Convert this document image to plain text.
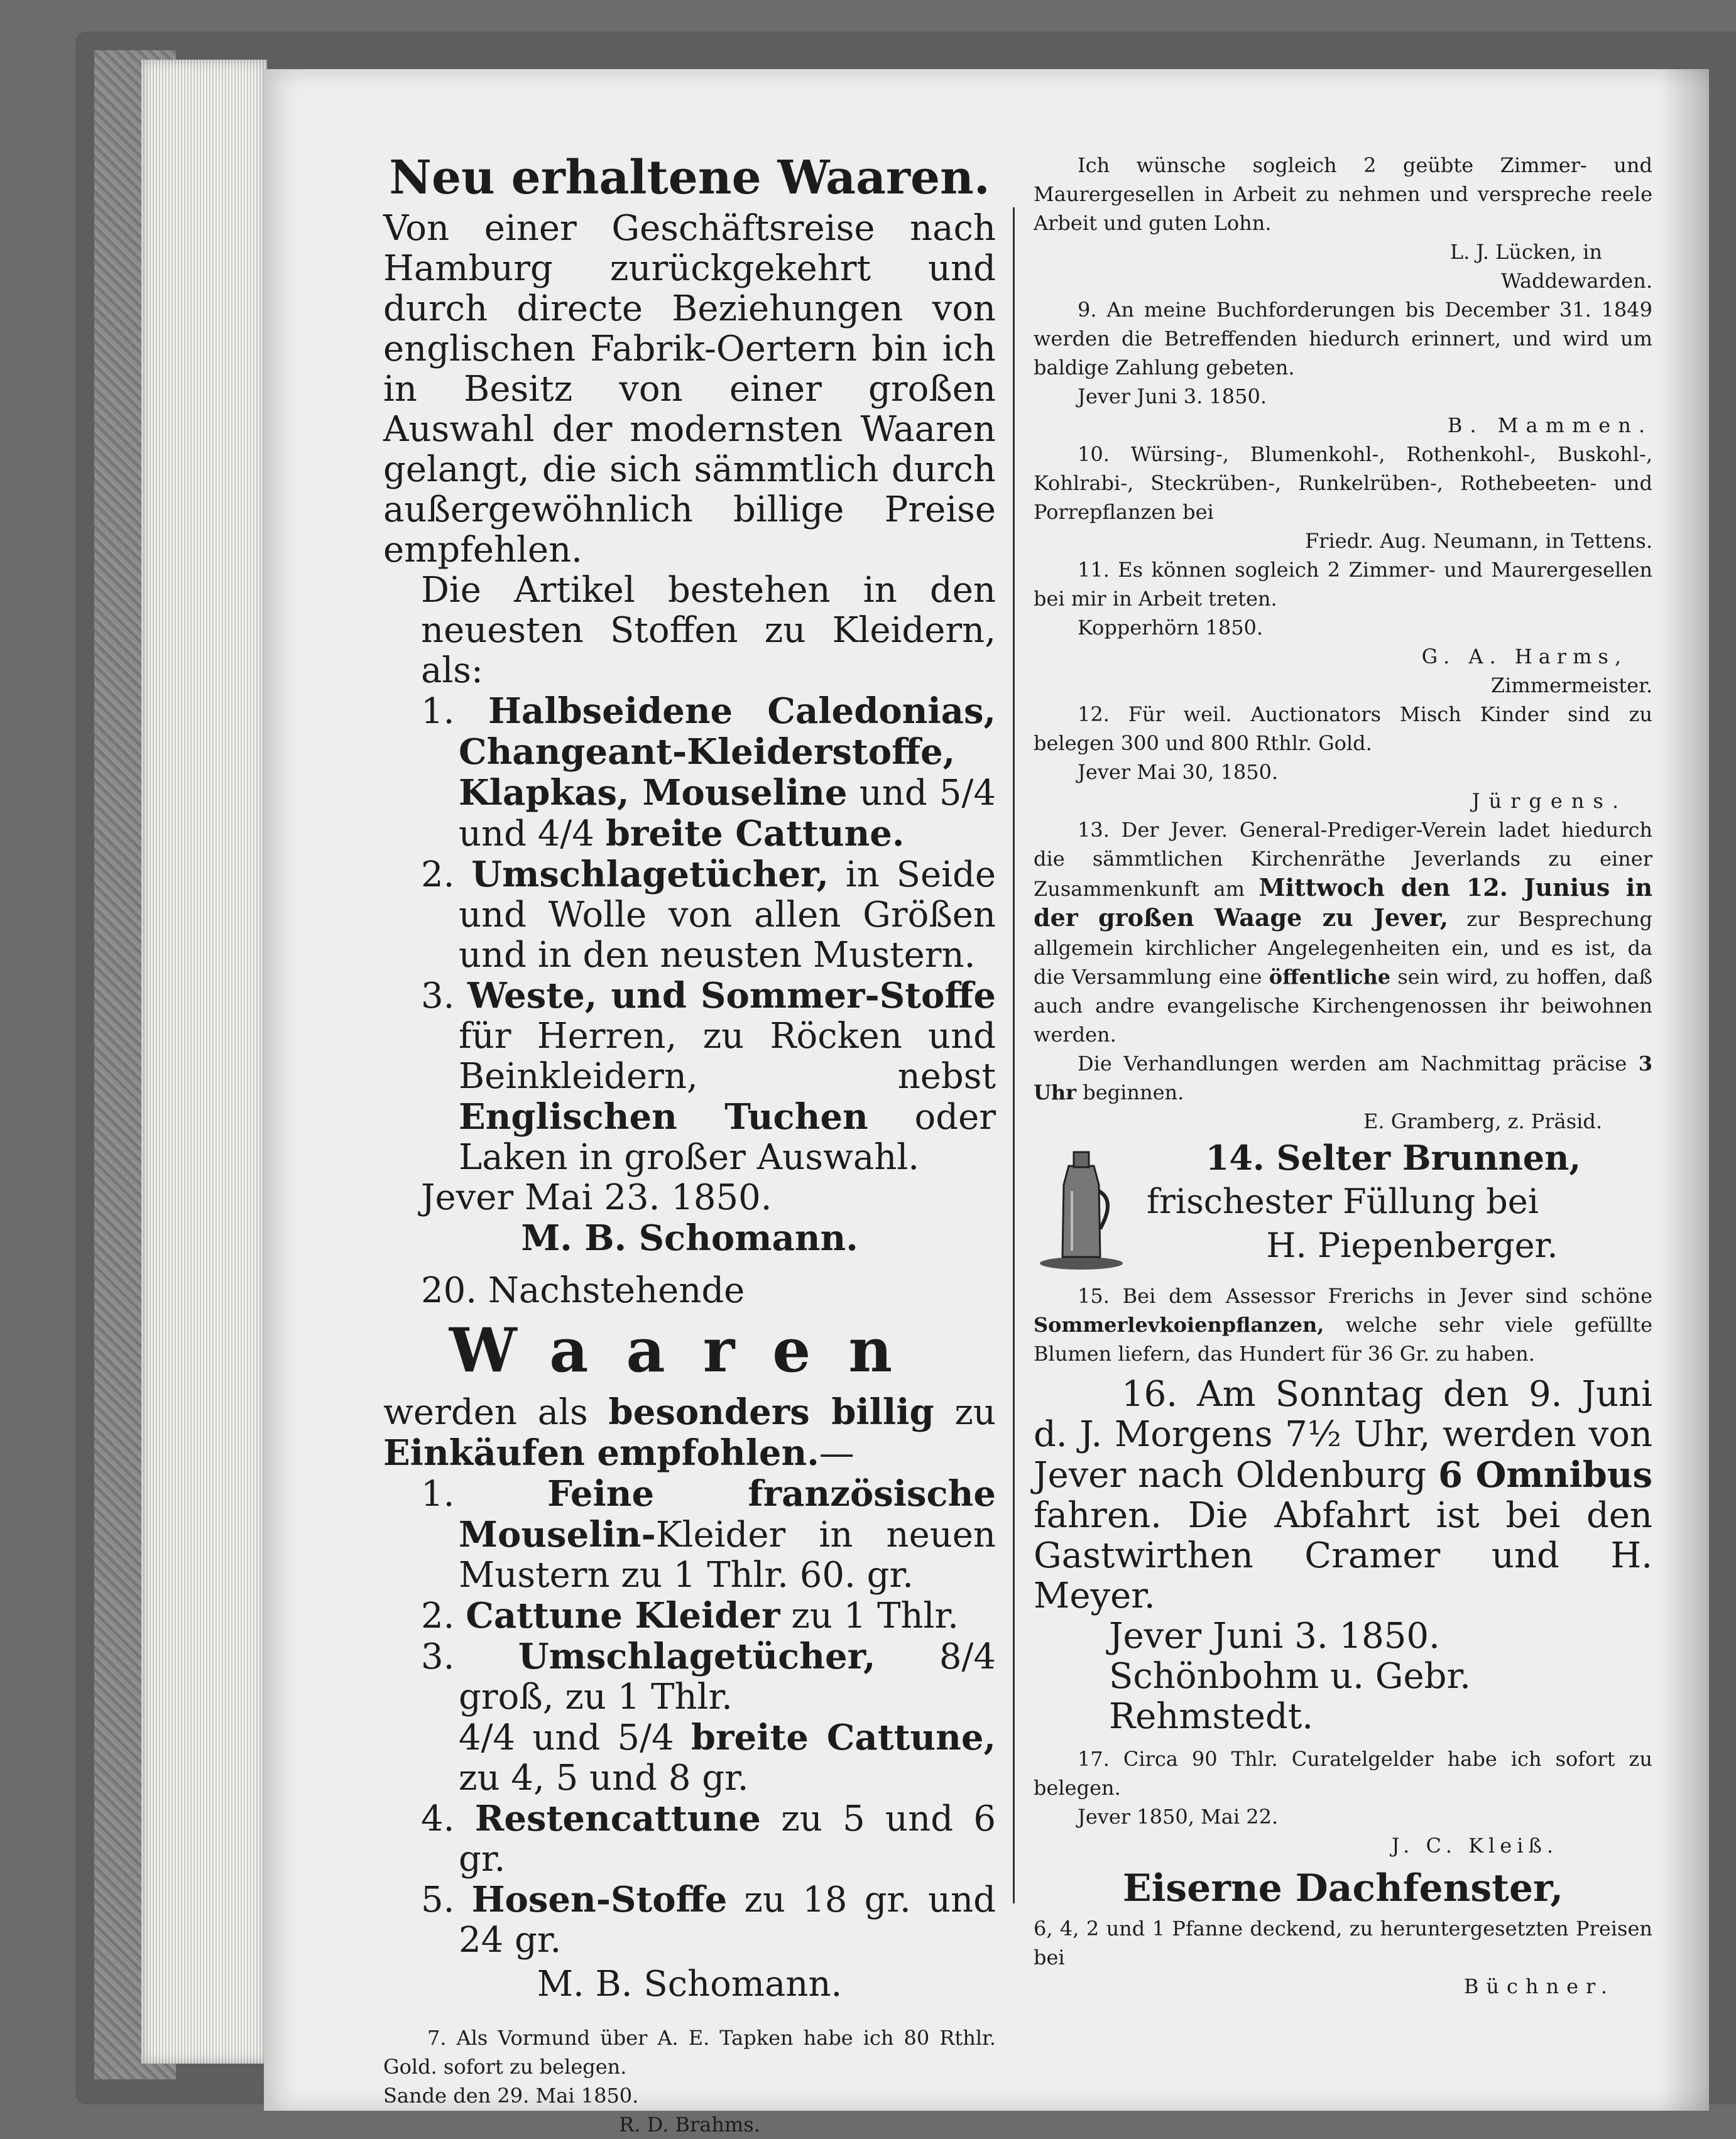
Neu erhaltene Waaren.

Von einer Geschäftsreise nach Hamburg zurückgekehrt und durch directe Beziehungen von englischen Fabrik-Oertern bin ich in Besitz von einer großen Auswahl der modernsten Waaren gelangt, die sich sämmtlich durch außergewöhnlich billige Preise empfehlen.

Die Artikel bestehen in den neuesten Stoffen zu Kleidern, als:

1. Halbseidene Caledonias, Changeant-Kleiderstoffe, Klapkas, Mouseline und 5/4 und 4/4 breite Cattune.

2. Umschlagetücher, in Seide und Wolle von allen Größen und in den neusten Mustern.

3. Weste, und Sommer-Stoffe für Herren, zu Röcken und Beinkleidern, nebst Englischen Tuchen oder Laken in großer Auswahl.

Jever Mai 23. 1850.

M. B. Schomann.

20. Nachstehende

Waaren

werden als besonders billig zu Einkäufen empfohlen.—

1.	Feine französische Mouselin-Kleider in neuen Mustern zu 1 Thlr. 60. gr.

2. Cattune Kleider zu 1 Thlr.

3. Umschlagetücher, 8/4 groß, zu 1 Thlr.

4/4 und 5/4 breite Cattune, zu 4, 5 und 8 gr.

4. Restencattune zu 5 und 6 gr.

5. Hosen-Stoffe zu 18 gr. und 24 gr.

M. B. Schomann.

7. Als Vormund über A. E. Tapken habe ich 80 Rthlr. Gold. sofort zu belegen.

Sande den 29. Mai 1850.

R. D. Brahms.

Ich wünsche sogleich 2 geübte Zimmer- und Maurergesellen in Arbeit zu nehmen und verspreche reele Arbeit und guten Lohn.

L. J. Lücken, in

Waddewarden.

9. An meine Buchforderungen bis December 31. 1849 werden die Betreffenden hiedurch erinnert, und wird um baldige Zahlung gebeten.

Jever Juni 3. 1850.

B. Mammen.

10. Würsing-, Blumenkohl-, Rothenkohl-, Buskohl-, Kohlrabi-, Steckrüben-, Runkelrüben-, Rothebeeten- und Porrepflanzen bei

Friedr. Aug. Neumann, in Tettens.

11. Es können sogleich 2 Zimmer- und Maurergesellen bei mir in Arbeit treten.

Kopperhörn 1850.

G. A. Harms,

Zimmermeister.

12. Für weil. Auctionators Misch Kinder sind zu belegen 300 und 800 Rthlr. Gold.

Jever Mai 30, 1850.

Jürgens.

13. Der Jever. General-Prediger-Verein ladet hiedurch die sämmtlichen Kirchenräthe Jeverlands zu einer Zusammenkunft am Mittwoch den 12. Junius in der großen Waage zu Jever, zur Besprechung allgemein kirchlicher Angelegenheiten ein, und es ist, da die Versammlung eine öffentliche sein wird, zu hoffen, daß auch andre evangelische Kirchengenossen ihr beiwohnen werden.

Die Verhandlungen werden am Nachmittag präcise 3 Uhr beginnen.

E. Gramberg, z. Präsid.

14. Selter Brunnen,
frischester Füllung bei
H. Piepenberger.

15. Bei dem Assessor Frerichs in Jever sind schöne Sommerlevkoienpflanzen, welche sehr viele gefüllte Blumen liefern, das Hundert für 36 Gr. zu haben.

16. Am Sonntag den 9. Juni d. J. Morgens 7½ Uhr, werden von Jever nach Oldenburg 6 Omnibus fahren. Die Abfahrt ist bei den Gastwirthen Cramer und H. Meyer.

Jever Juni 3. 1850.

Schönbohm u. Gebr. Rehmstedt.

17. Circa 90 Thlr. Curatelgelder habe ich sofort zu belegen.

Jever 1850, Mai 22.

J. C. Kleiß.

Eiserne Dachfenster,

6, 4, 2 und 1 Pfanne deckend, zu heruntergesetzten Preisen bei

Büchner.
